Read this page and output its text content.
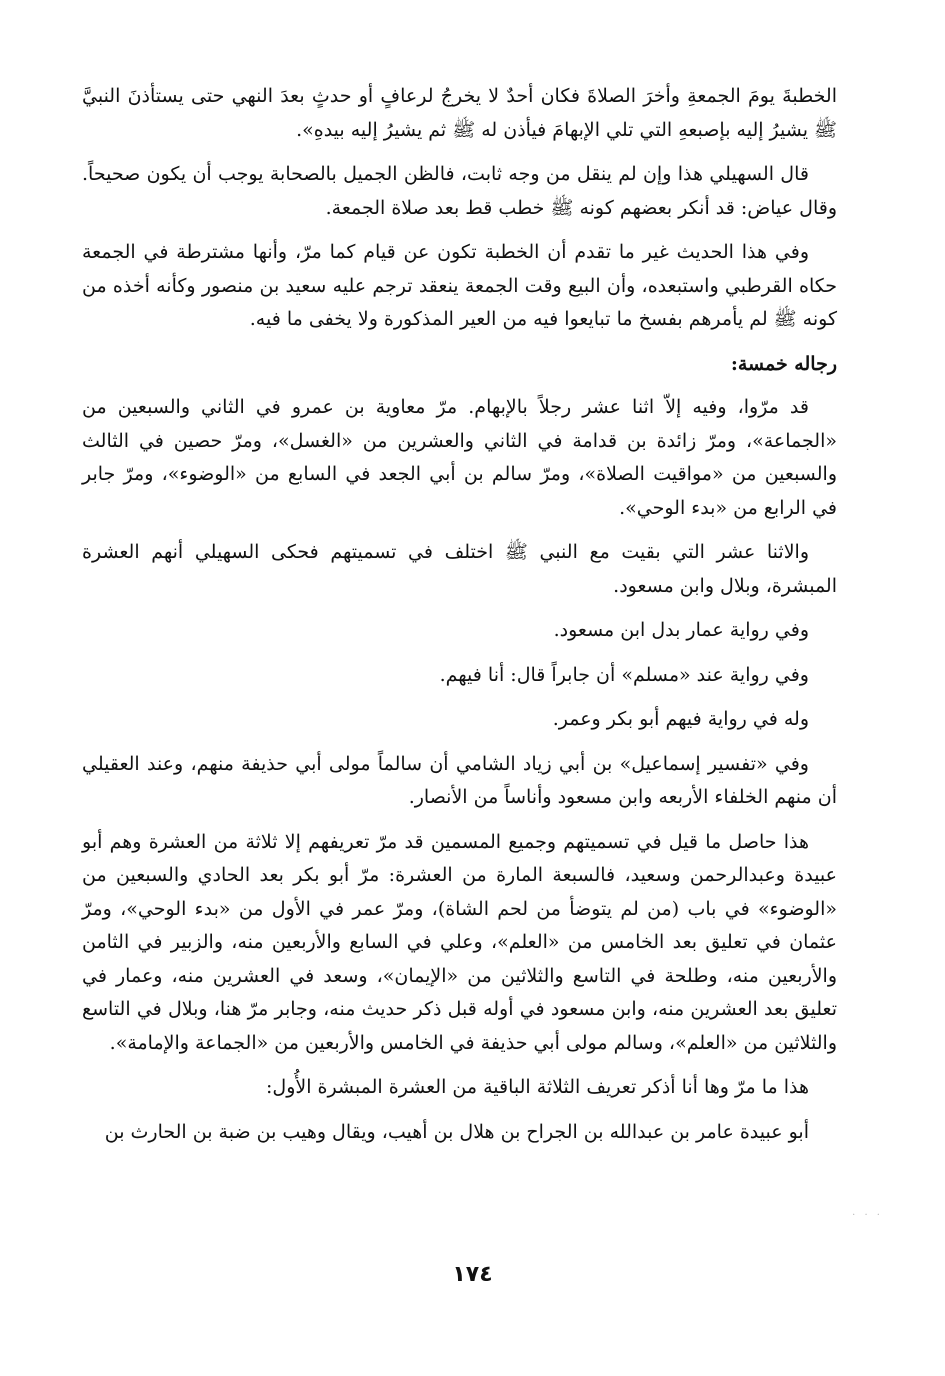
الخطبةَ يومَ الجمعةِ وأخرَ الصلاةَ فكان أحدٌ لا يخرجُ لرعافٍ أو حدثٍ بعدَ النهي حتى يستأذنَ النبيَّ ﷺ يشيرُ إليه بإصبعهِ التي تلي الإبهامَ فيأذن له ﷺ ثم يشيرُ إليه بيدهِ».

قال السهيلي هذا وإن لم ينقل من وجه ثابت، فالظن الجميل بالصحابة يوجب أن يكون صحيحاً. وقال عياض: قد أنكر بعضهم كونه ﷺ خطب قط بعد صلاة الجمعة.

وفي هذا الحديث غير ما تقدم أن الخطبة تكون عن قيام كما مرّ، وأنها مشترطة في الجمعة حكاه القرطبي واستبعده، وأن البيع وقت الجمعة ينعقد ترجم عليه سعيد بن منصور وكأنه أخذه من كونه ﷺ لم يأمرهم بفسخ ما تبايعوا فيه من العير المذكورة ولا يخفى ما فيه.

رجاله خمسة:

قد مرّوا، وفيه إلاّ اثنا عشر رجلاً بالإبهام. مرّ معاوية بن عمرو في الثاني والسبعين من «الجماعة»، ومرّ زائدة بن قدامة في الثاني والعشرين من «الغسل»، ومرّ حصين في الثالث والسبعين من «مواقيت الصلاة»، ومرّ سالم بن أبي الجعد في السابع من «الوضوء»، ومرّ جابر في الرابع من «بدء الوحي».

والاثنا عشر التي بقيت مع النبي ﷺ اختلف في تسميتهم فحكى السهيلي أنهم العشرة المبشرة، وبلال وابن مسعود.

وفي رواية عمار بدل ابن مسعود.

وفي رواية عند «مسلم» أن جابراً قال: أنا فيهم.

وله في رواية فيهم أبو بكر وعمر.

وفي «تفسير إسماعيل» بن أبي زياد الشامي أن سالماً مولى أبي حذيفة منهم، وعند العقيلي أن منهم الخلفاء الأربعه وابن مسعود وأناساً من الأنصار.

هذا حاصل ما قيل في تسميتهم وجميع المسمين قد مرّ تعريفهم إلا ثلاثة من العشرة وهم أبو عبيدة وعبدالرحمن وسعيد، فالسبعة المارة من العشرة: مرّ أبو بكر بعد الحادي والسبعين من «الوضوء» في باب (من لم يتوضأ من لحم الشاة)، ومرّ عمر في الأول من «بدء الوحي»، ومرّ عثمان في تعليق بعد الخامس من «العلم»، وعلي في السابع والأربعين منه، والزبير في الثامن والأربعين منه، وطلحة في التاسع والثلاثين من «الإيمان»، وسعد في العشرين منه، وعمار في تعليق بعد العشرين منه، وابن مسعود في أوله قبل ذكر حديث منه، وجابر مرّ هنا، وبلال في التاسع والثلاثين من «العلم»، وسالم مولى أبي حذيفة في الخامس والأربعين من «الجماعة والإمامة».

هذا ما مرّ وها أنا أذكر تعريف الثلاثة الباقية من العشرة المبشرة الأُول:

أبو عبيدة عامر بن عبدالله بن الجراح بن هلال بن أهيب، ويقال وهيب بن ضبة بن الحارث بن

· · ·
١٧٤
